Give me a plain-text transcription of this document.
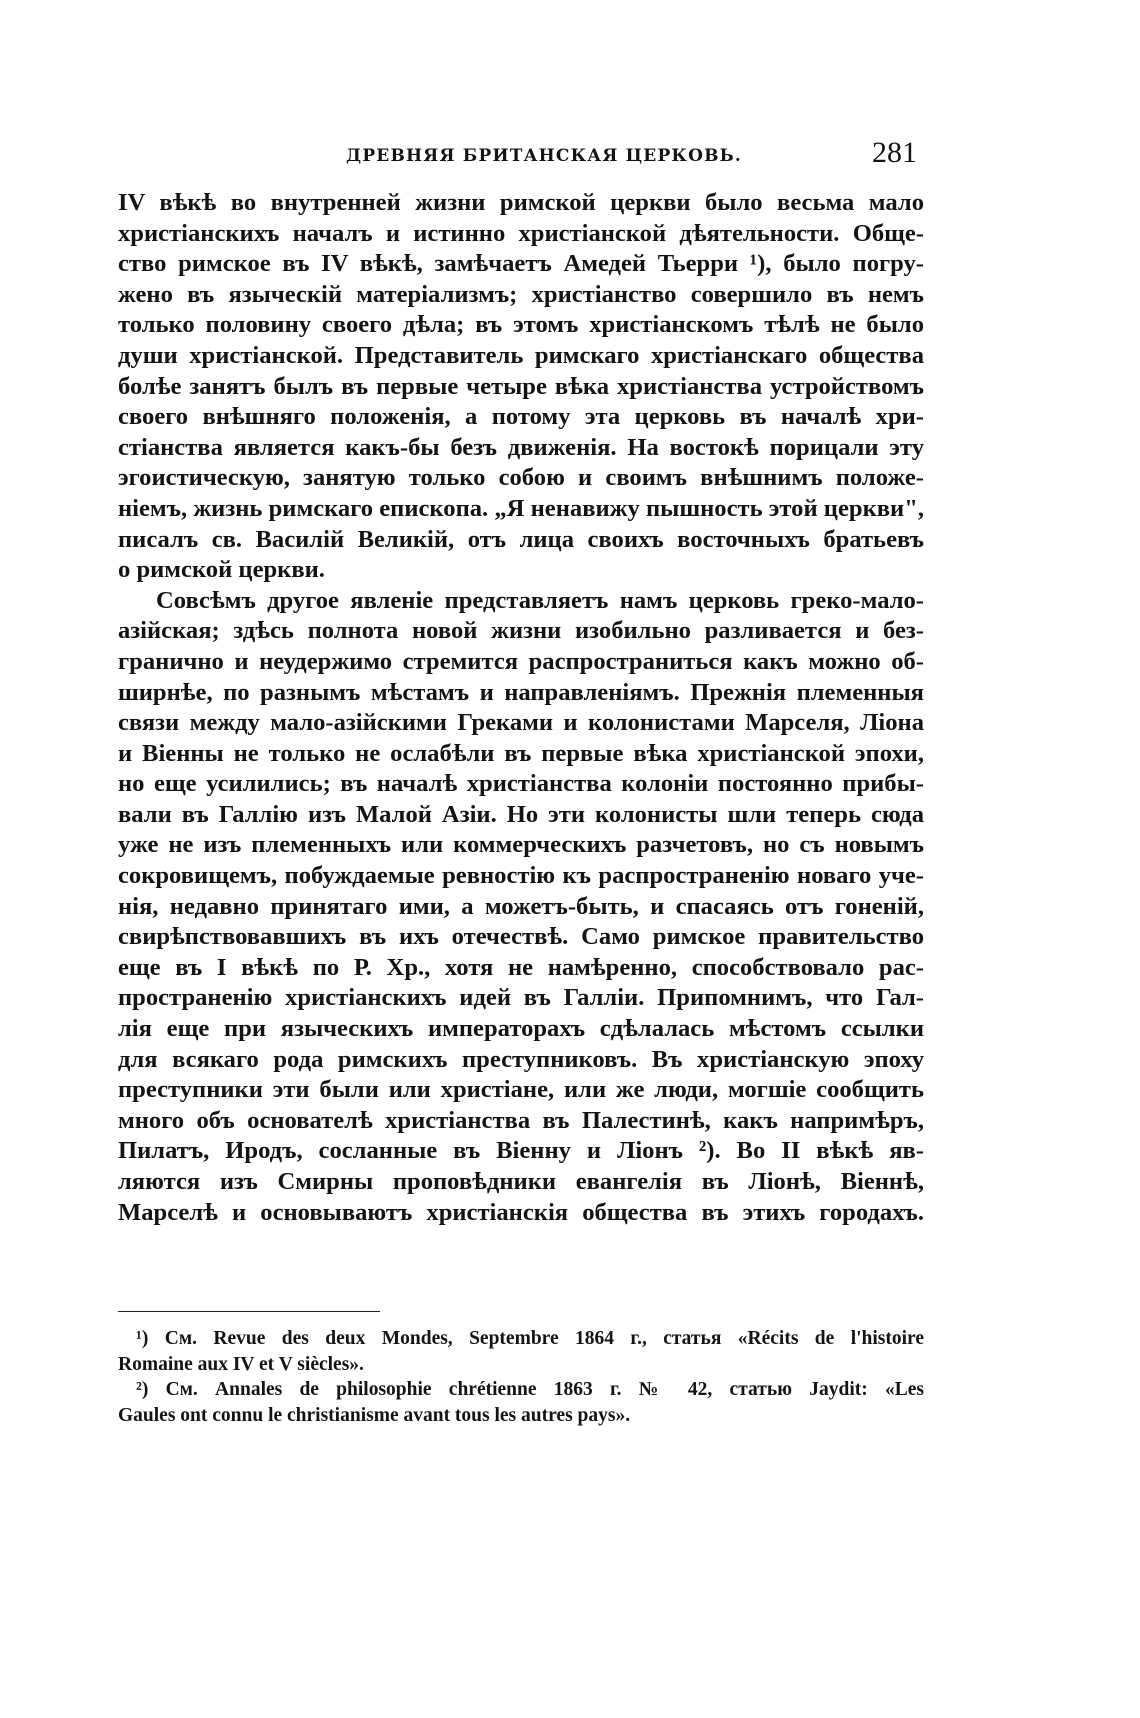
ДРЕВНЯЯ БРИТАНСКАЯ ЦЕРКОВЬ.	281
IV вѣкѣ во внутренней жизни римской церкви было весьма мало
христіанскихъ началъ и истинно христіанской дѣятельности. Обще-
ство римское въ IV вѣкѣ, замѣчаетъ Амедей Тьерри ¹), было погру-
жено въ языческій матеріализмъ; христіанство совершило въ немъ
только половину своего дѣла; въ этомъ христіанскомъ тѣлѣ не было
души христіанской. Представитель римскаго христіанскаго общества
болѣе занятъ былъ въ первые четыре вѣка христіанства устройствомъ
своего внѣшняго положенія, а потому эта церковь въ началѣ хри-
стіанства является какъ-бы безъ движенія. На востокѣ порицали эту
эгоистическую, занятую только собою и своимъ внѣшнимъ положе-
ніемъ, жизнь римскаго епископа. „Я ненавижу пышность этой церкви",
писалъ св. Василій Великій, отъ лица своихъ восточныхъ братьевъ
о римской церкви.
Совсѣмъ другое явленіе представляетъ намъ церковь греко-мало-
азійская; здѣсь полнота новой жизни изобильно разливается и без-
гранично и неудержимо стремится распространиться какъ можно об-
ширнѣе, по разнымъ мѣстамъ и направленіямъ. Прежнія племенныя
связи между мало-азійскими Греками и колонистами Марселя, Ліона
и Віенны не только не ослабѣли въ первые вѣка христіанской эпохи,
но еще усилились; въ началѣ христіанства колоніи постоянно прибы-
вали въ Галлію изъ Малой Азіи. Но эти колонисты шли теперь сюда
уже не изъ племенныхъ или коммерческихъ разчетовъ, но съ новымъ
сокровищемъ, побуждаемые ревностію къ распространенію новаго уче-
нія, недавно принятаго ими, а можетъ-быть, и спасаясь отъ гоненій,
свирѣпствовавшихъ въ ихъ отечествѣ. Само римское правительство
еще въ I вѣкѣ по Р. Хр., хотя не намѣренно, способствовало рас-
пространенію христіанскихъ идей въ Галліи. Припомнимъ, что Гал-
лія еще при языческихъ императорахъ сдѣлалась мѣстомъ ссылки
для всякаго рода римскихъ преступниковъ. Въ христіанскую эпоху
преступники эти были или христіане, или же люди, могшіе сообщить
много объ основателѣ христіанства въ Палестинѣ, какъ напримѣръ,
Пилатъ, Иродъ, сосланные въ Віенну и Ліонъ ²). Во II вѣкѣ яв-
ляются изъ Смирны проповѣдники евангелія въ Ліонѣ, Віеннѣ,
Марселѣ и основываютъ христіанскія общества въ этихъ городахъ.
¹) См. Revue des deux Mondes, Septembre 1864 г., статья «Récits de l'histoire
Romaine aux IV et V siècles».
²) См. Annales de philosophie chrétienne 1863 г. № 42, статью Jaydit: «Les
Gaules ont connu le christianisme avant tous les autres pays».
